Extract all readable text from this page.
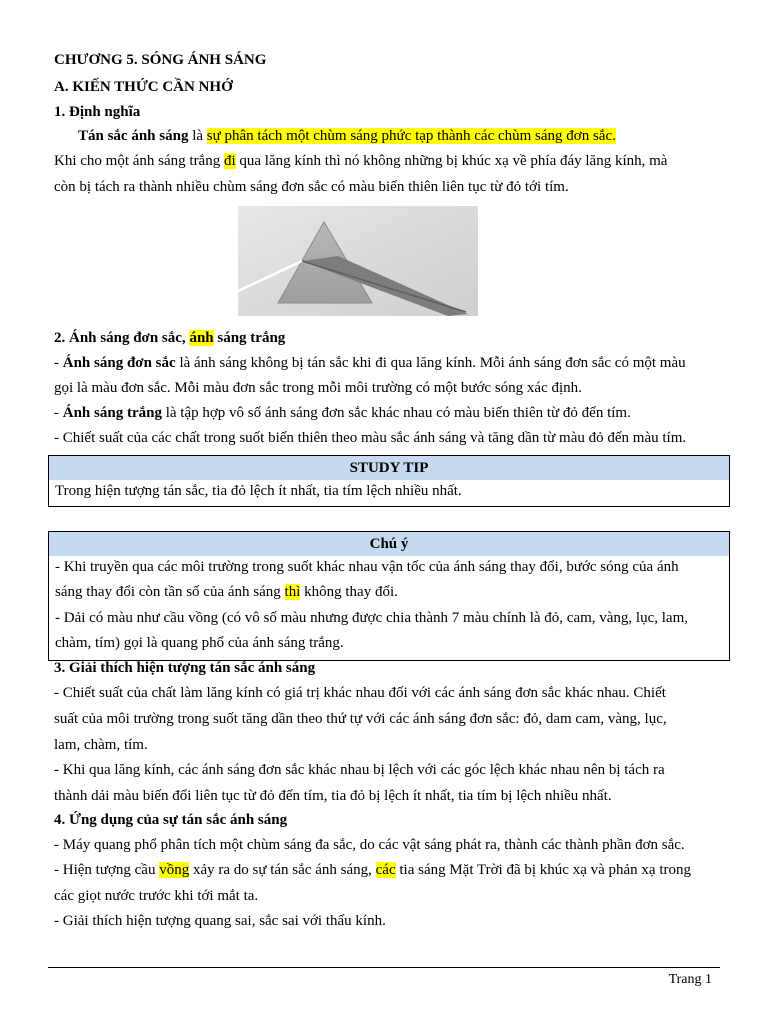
CHƯƠNG 5. SÓNG ÁNH SÁNG
A. KIẾN THỨC CẦN NHỚ
1. Định nghĩa
Tán sắc ánh sáng là sự phân tách một chùm sáng phức tạp thành các chùm sáng đơn sắc.
Khi cho một ánh sáng trắng đi qua lăng kính thì nó không những bị khúc xạ về phía đáy lăng kính, mà
còn bị tách ra thành nhiều chùm sáng đơn sắc có màu biến thiên liên tục từ đỏ tới tím.
2. Ánh sáng đơn sắc, ánh sáng trắng
- Ánh sáng đơn sắc là ánh sáng không bị tán sắc khi đi qua lăng kính. Mỗi ánh sáng đơn sắc có một màu
gọi là màu đơn sắc. Mỗi màu đơn sắc trong mỗi môi trường có một bước sóng xác định.
- Ánh sáng trắng là tập hợp vô số ánh sáng đơn sắc khác nhau có màu biến thiên từ đỏ đến tím.
- Chiết suất của các chất trong suốt biến thiên theo màu sắc ánh sáng và tăng dần từ màu đỏ đến màu tím.
STUDY TIP
Trong hiện tượng tán sắc, tia đỏ lệch ít nhất, tia tím lệch nhiều nhất.
Chú ý
- Khi truyền qua các môi trường trong suốt khác nhau vận tốc của ánh sáng thay đổi, bước sóng của ánh
sáng thay đổi còn tần số của ánh sáng thì không thay đổi.
- Dải có màu như cầu vồng (có vô số màu nhưng được chia thành 7 màu chính là đỏ, cam, vàng, lục, lam,
chàm, tím) gọi là quang phổ của ánh sáng trắng.
3. Giải thích hiện tượng tán sắc ánh sáng
- Chiết suất của chất làm lăng kính có giá trị khác nhau đối với các ánh sáng đơn sắc khác nhau. Chiết
suất của môi trường trong suốt tăng dần theo thứ tự với các ánh sáng đơn sắc: đỏ, dam cam, vàng, lục,
lam, chàm, tím.
- Khi qua lăng kính, các ánh sáng đơn sắc khác nhau bị lệch với các góc lệch khác nhau nên bị tách ra
thành dải màu biến đổi liên tục từ đỏ đến tím, tia đỏ bị lệch ít nhất, tia tím bị lệch nhiều nhất.
4. Ứng dụng của sự tán sắc ánh sáng
- Máy quang phổ phân tích một chùm sáng đa sắc, do các vật sáng phát ra, thành các thành phần đơn sắc.
- Hiện tượng cầu vồng xảy ra do sự tán sắc ánh sáng, các tia sáng Mặt Trời đã bị khúc xạ và phản xạ trong
các giọt nước trước khi tới mắt ta.
- Giải thích hiện tượng quang sai, sắc sai với thấu kính.
Trang 1
